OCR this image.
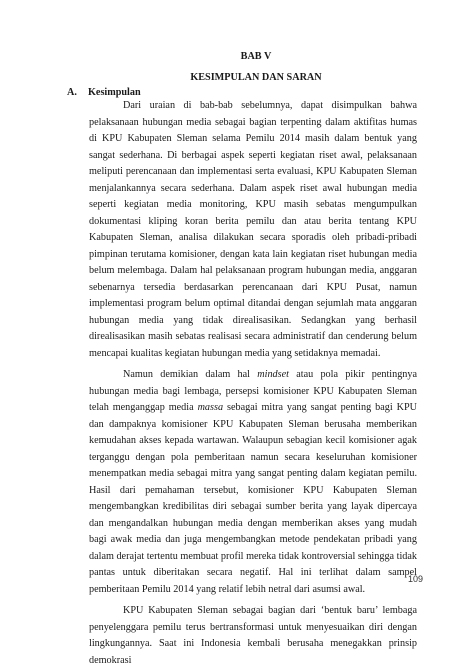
BAB V
KESIMPULAN DAN SARAN
A. Kesimpulan

Dari uraian di bab-bab sebelumnya, dapat disimpulkan bahwa pelaksanaan hubungan media sebagai bagian terpenting dalam aktifitas humas di KPU Kabupaten Sleman selama Pemilu 2014 masih dalam bentuk yang sangat sederhana. Di berbagai aspek seperti kegiatan riset awal, pelaksanaan meliputi perencanaan dan implementasi serta evaluasi, KPU Kabupaten Sleman menjalankannya secara sederhana. Dalam aspek riset awal hubungan media seperti kegiatan media monitoring, KPU masih sebatas mengumpulkan dokumentasi kliping koran berita pemilu dan atau berita tentang KPU Kabupaten Sleman, analisa dilakukan secara sporadis oleh pribadi-pribadi pimpinan terutama komisioner, dengan kata lain kegiatan riset hubungan media belum melembaga. Dalam hal pelaksanaan program hubungan media, anggaran sebenarnya tersedia berdasarkan perencanaan dari KPU Pusat, namun implementasi program belum optimal ditandai dengan sejumlah mata anggaran hubungan media yang tidak direalisasikan. Sedangkan yang berhasil direalisasikan masih sebatas realisasi secara administratif dan cenderung belum mencapai kualitas kegiatan hubungan media yang setidaknya memadai.

Namun demikian dalam hal mindset atau pola pikir pentingnya hubungan media bagi lembaga, persepsi komisioner KPU Kabupaten Sleman telah menganggap media massa sebagai mitra yang sangat penting bagi KPU dan dampaknya komisioner KPU Kabupaten Sleman berusaha memberikan kemudahan akses kepada wartawan. Walaupun sebagian kecil komisioner agak terganggu dengan pola pemberitaan namun secara keseluruhan komisioner menempatkan media sebagai mitra yang sangat penting dalam kegiatan pemilu. Hasil dari pemahaman tersebut, komisioner KPU Kabupaten Sleman mengembangkan kredibilitas diri sebagai sumber berita yang layak dipercaya dan mengandalkan hubungan media dengan memberikan akses yang mudah bagi awak media dan juga mengembangkan metode pendekatan pribadi yang dalam derajat tertentu membuat profil mereka tidak kontroversial sehingga tidak pantas untuk diberitakan secara negatif. Hal ini terlihat dalam sampel pemberitaan Pemilu 2014 yang relatif lebih netral dari asumsi awal.

KPU Kabupaten Sleman sebagai bagian dari ‘bentuk baru’ lembaga penyelenggara pemilu terus bertransformasi untuk menyesuaikan diri dengan lingkungannya. Saat ini Indonesia kembali berusaha menegakkan prinsip demokrasi

109
